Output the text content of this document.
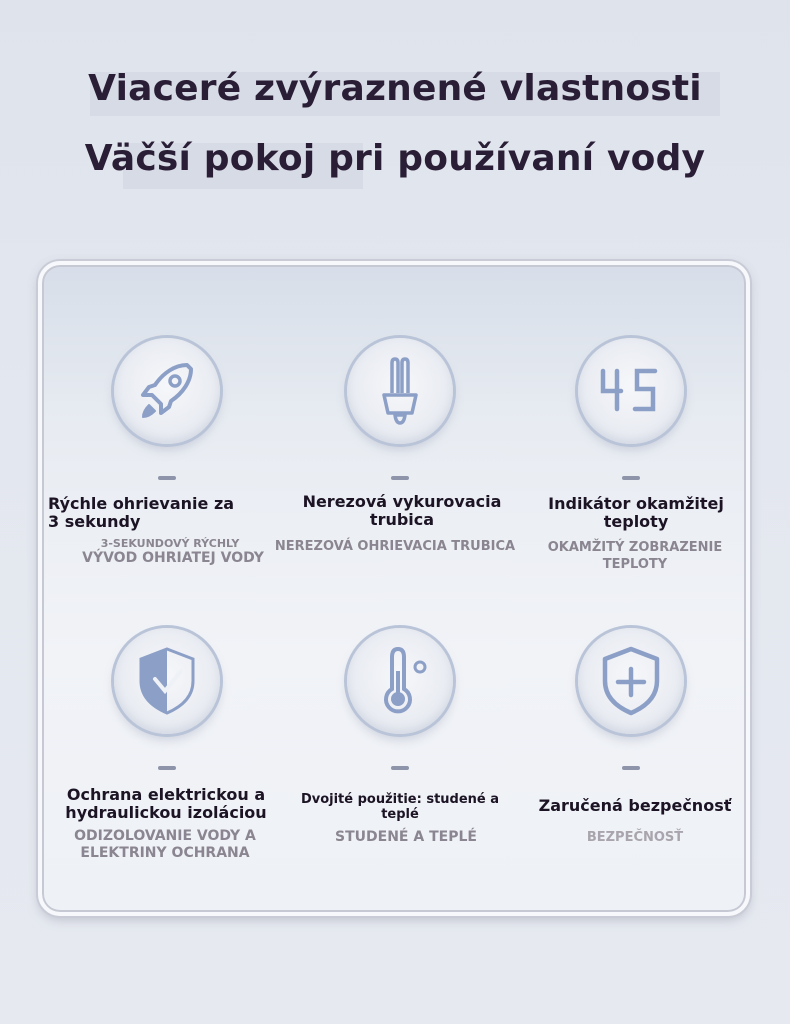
Viaceré zvýraznené vlastnosti
Väčší pokoj pri používaní vody
Rýchle ohrievanie za 3 sekundy
3-SEKUNDOVÝ RÝCHLY
VÝVOD OHRIATEJ VODY
Nerezová vykurovacia trubica
NEREZOVÁ OHRIEVACIA TRUBICA
Indikátor okamžitej teploty
OKAMŽITÝ ZOBRAZENIE TEPLOTY
Ochrana elektrickou a hydraulickou izoláciou
ODIZOLOVANIE VODY A ELEKTRINY OCHRANA
Dvojité použitie: studené a teplé
STUDENÉ A TEPLÉ
Zaručená bezpečnosť
BEZPEČNOSŤ
